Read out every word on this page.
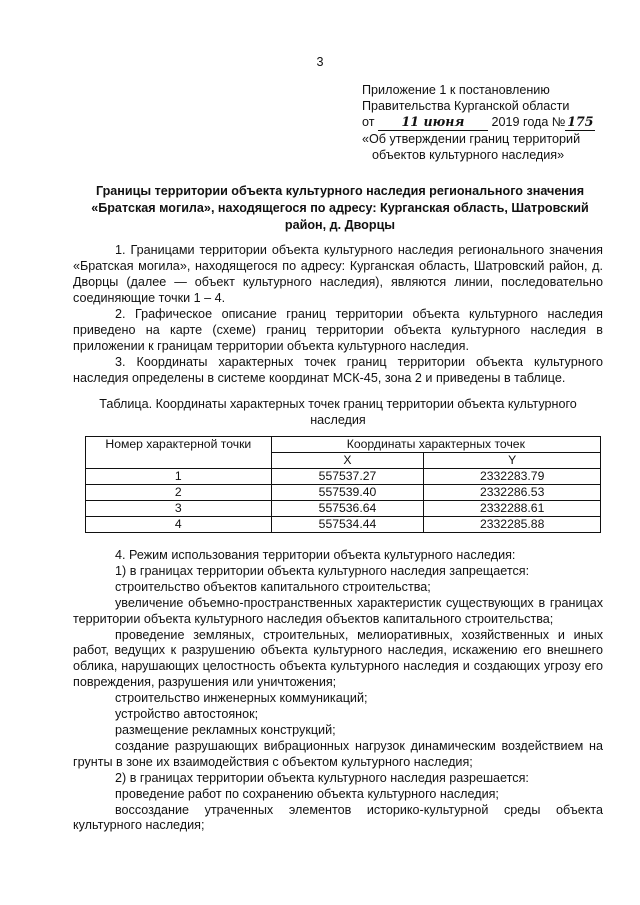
3
Приложение 1 к постановлению
Правительства Курганской области
от 11 июня 2019 года № 175
«Об утверждении границ территорий
объектов культурного наследия»
Границы территории объекта культурного наследия регионального значения «Братская могила», находящегося по адресу: Курганская область, Шатровский район, д. Дворцы

1. Границами территории объекта культурного наследия регионального значения «Братская могила», находящегося по адресу: Курганская область, Шатровский район, д. Дворцы (далее — объект культурного наследия), являются линии, последовательно соединяющие точки 1 – 4.

2. Графическое описание границ территории объекта культурного наследия приведено на карте (схеме) границ территории объекта культурного наследия в приложении к границам территории объекта культурного наследия.

3. Координаты характерных точек границ территории объекта культурного наследия определены в системе координат МСК-45, зона 2 и приведены в таблице.

Таблица. Координаты характерных точек границ территории объекта культурного наследия
Номер характерной точки	Координаты характерных точек	
	X	Y
1	557537.27	2332283.79
2	557539.40	2332286.53
3	557536.64	2332288.61
4	557534.44	2332285.88

4. Режим использования территории объекта культурного наследия:

1) в границах территории объекта культурного наследия запрещается:

строительство объектов капитального строительства;

увеличение объемно-пространственных характеристик существующих в границах территории объекта культурного наследия объектов капитального строительства;

проведение земляных, строительных, мелиоративных, хозяйственных и иных работ, ведущих к разрушению объекта культурного наследия, искажению его внешнего облика, нарушающих целостность объекта культурного наследия и создающих угрозу его повреждения, разрушения или уничтожения;

строительство инженерных коммуникаций;

устройство автостоянок;

размещение рекламных конструкций;

создание разрушающих вибрационных нагрузок динамическим воздействием на грунты в зоне их взаимодействия с объектом культурного наследия;

2) в границах территории объекта культурного наследия разрешается:

проведение работ по сохранению объекта культурного наследия;

воссоздание утраченных элементов историко-культурной среды объекта культурного наследия;
